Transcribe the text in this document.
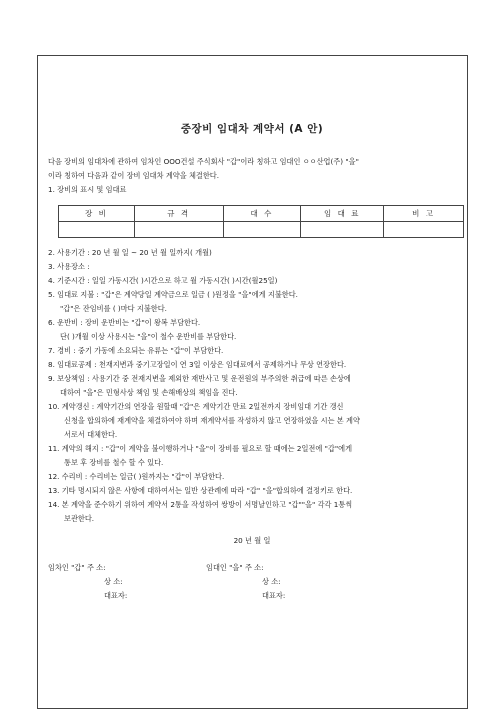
중장비 임대차 계약서 (A 안)
다음 장비의 임대차에 관하여 임차인 OOO건설 주식회사 "갑"이라 칭하고 임대인 ㅇㅇ산업(주) "을"
이라 칭하여 다음과 같이 장비 임대차 계약을 체결한다.
1. 장비의 표시 및 임대료
장 비	규 격	대 수	임 대 료	비 고

2. 사용기간 : 20 년 월 일 ~ 20 년 월 일까지( 개월)
3. 사용장소 :
4. 기준시간 : 일일 가동시간( )시간으로 하고 월 가동시간( )시간(월25일)
5. 임대료 지불 : "갑"은 계약당일 계약금으로 일금 ( )원정을 "을"에게 지불한다.
"갑"은 잔임비를 ( )마다 지불한다.
6. 운반비 : 장비 운반비는 "갑"이 왕복 부담한다.
단( )개월 이상 사용시는 "을"이 철수 운반비를 부담한다.
7. 경비 : 중기 가동에 소요되는 유류는 "갑"이 부담한다.
8. 임대료공제 : 천재지변과 중기고장일이 연 3일 이상은 임대료에서 공제하거나 무상 연장한다.
9. 보상책임 : 사용기간 중 전재지변을 제외한 재반사고 및 운전원의 부주의한 취급에 따른 손상에
대하여 "을"은 민형사상 책임 및 손해배상의 책임을 진다.
10. 계약갱신 : 계약기간의 연장을 원할때 "갑"은 계약기간 만료 2일전까지 장비임대 기간 갱신
신청을 합의하에 재계약을 체결하여야 하며 재계약서를 작성하지 않고 연장하였을 시는 본 계약
서로서 대체한다.
11. 계약의 해지 : "갑"이 계약을 불이행하거나 "을"이 장비를 필요로 할 때에는 2일전에 "갑"에게
통보 후 장비를 철수 할 수 있다.
12. 수리비 : 수리비는 일금( )원까지는 "갑"이 부담한다.
13. 기타 명시되지 않은 사항에 대하여서는 일반 상관례에 따라 "갑" "을"합의하에 결정키로 한다.
14. 본 계약을 준수하기 위하여 계약서 2통을 작성하여 쌍방이 서명날인하고 "갑""을" 각각 1통씩
보관한다.
20 년 월 일
임차인 "갑" 주 소:
상 소:
대표자:
임대인 "을" 주 소:
상 소:
대표자:
